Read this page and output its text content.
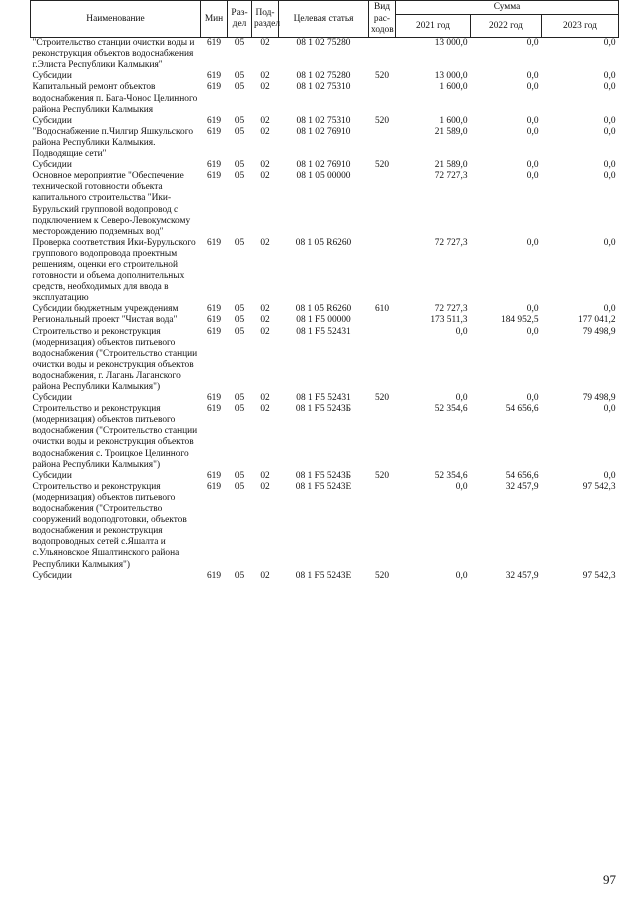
Наименование	Мин	Раз-дел	Под-раздел	Целевая статья	Вид рас-ходов	Сумма		
						2021 год	2022 год	2023 год
"Строительство станции очистки воды и реконструкция объектов водоснабжения г.Элиста Республики Калмыкия"	619	05	02	08 1 02 75280		13 000,0	0,0	0,0
Субсидии	619	05	02	08 1 02 75280	520	13 000,0	0,0	0,0
Капитальный ремонт объектов водоснабжения п. Бага-Чонос Целинного района Республики Калмыкия	619	05	02	08 1 02 75310		1 600,0	0,0	0,0
Субсидии	619	05	02	08 1 02 75310	520	1 600,0	0,0	0,0
"Водоснабжение п.Чилгир Яшкульского района Республики Калмыкия. Подводящие сети"	619	05	02	08 1 02 76910		21 589,0	0,0	0,0
Субсидии	619	05	02	08 1 02 76910	520	21 589,0	0,0	0,0
Основное мероприятие "Обеспечение технической готовности объекта капитального строительства "Ики-Бурульский групповой водопровод с подключением к Северо-Левокумскому месторождению подземных вод"	619	05	02	08 1 05 00000		72 727,3	0,0	0,0
Проверка соответствия Ики-Бурульского группового водопровода проектным решениям, оценки его строительной готовности и объема дополнительных средств, необходимых для ввода в эксплуатацию	619	05	02	08 1 05 R6260		72 727,3	0,0	0,0
Субсидии бюджетным учреждениям	619	05	02	08 1 05 R6260	610	72 727,3	0,0	0,0
Региональный проект "Чистая вода"	619	05	02	08 1 F5 00000		173 511,3	184 952,5	177 041,2
Строительство и реконструкция (модернизация) объектов питьевого водоснабжения ("Строительство станции очистки воды и реконструкция объектов водоснабжения, г. Лагань Лаганского района Республики Калмыкия")	619	05	02	08 1 F5 52431		0,0	0,0	79 498,9
Субсидии	619	05	02	08 1 F5 52431	520	0,0	0,0	79 498,9
Строительство и реконструкция (модернизация) объектов питьевого водоснабжения ("Строительство станции очистки воды и реконструкция объектов водоснабжения с. Троицкое Целинного района Республики Калмыкия")	619	05	02	08 1 F5 5243Б		52 354,6	54 656,6	0,0
Субсидии	619	05	02	08 1 F5 5243Б	520	52 354,6	54 656,6	0,0
Строительство и реконструкция (модернизация) объектов питьевого водоснабжения ("Строительство сооружений водоподготовки, объектов водоснабжения и реконструкция водопроводных сетей с.Яшалта и с.Ульяновское Яшалтинского района Республики Калмыкия")	619	05	02	08 1 F5 5243Е		0,0	32 457,9	97 542,3
Субсидии	619	05	02	08 1 F5 5243Е	520	0,0	32 457,9	97 542,3
97
